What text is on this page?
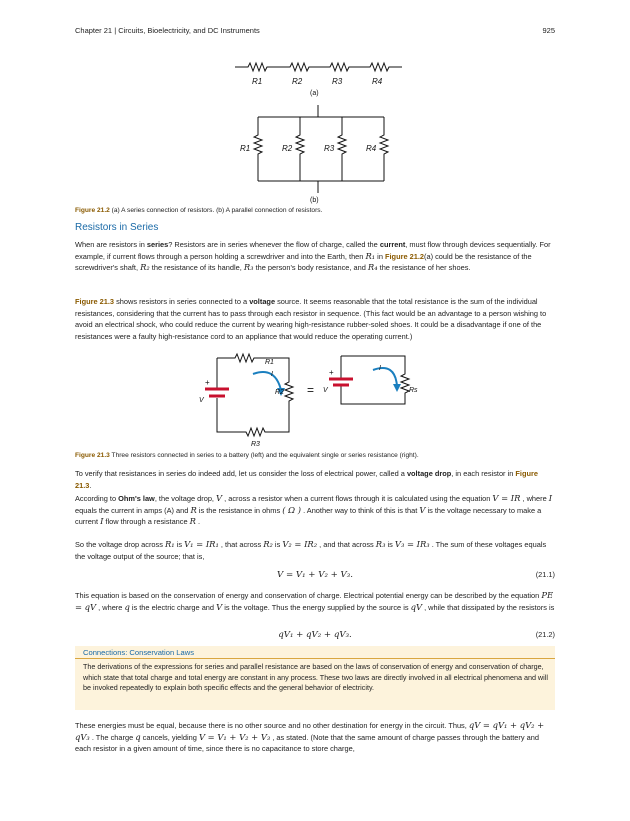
Chapter 21 | Circuits, Bioelectricity, and DC Instruments	925
R1	R2	R3	R4
R1	R2	R3	R4
(a)
(b)
Figure 21.2 (a) A series connection of resistors. (b) A parallel connection of resistors.
Resistors in Series
When are resistors in series? Resistors are in series whenever the flow of charge, called the current, must flow through devices sequentially. For example, if current flows through a person holding a screwdriver and into the Earth, then R₁ in Figure 21.2(a) could be the resistance of the screwdriver's shaft, R₂ the resistance of its handle, R₃ the person's body resistance, and R₄ the resistance of her shoes.
Figure 21.3 shows resistors in series connected to a voltage source. It seems reasonable that the total resistance is the sum of the individual resistances, considering that the current has to pass through each resistor in sequence. (This fact would be an advantage to a person wishing to avoid an electrical shock, who could reduce the current by wearing high-resistance rubber-soled shoes. It could be a disadvantage if one of the resistances were a faulty high-resistance cord to an appliance that would reduce the operating current.)
R1
R2
R3
Rs
I
I
V
V
+
+
=
Figure 21.3 Three resistors connected in series to a battery (left) and the equivalent single or series resistance (right).
To verify that resistances in series do indeed add, let us consider the loss of electrical power, called a voltage drop, in each resistor in Figure 21.3.
According to Ohm's law, the voltage drop, V , across a resistor when a current flows through it is calculated using the equation V = IR , where I equals the current in amps (A) and R is the resistance in ohms ( Ω ) . Another way to think of this is that V is the voltage necessary to make a current I flow through a resistance R .
So the voltage drop across R₁ is V₁ = IR₁ , that across R₂ is V₂ = IR₂ , and that across R₃ is V₃ = IR₃ . The sum of these voltages equals the voltage output of the source; that is,
V = V₁ + V₂ + V₃.	(21.1)
This equation is based on the conservation of energy and conservation of charge. Electrical potential energy can be described by the equation PE = qV , where q is the electric charge and V is the voltage. Thus the energy supplied by the source is qV , while that dissipated by the resistors is
qV₁ + qV₂ + qV₃.	(21.2)
Connections: Conservation Laws
The derivations of the expressions for series and parallel resistance are based on the laws of conservation of energy and conservation of charge, which state that total charge and total energy are constant in any process. These two laws are directly involved in all electrical phenomena and will be invoked repeatedly to explain both specific effects and the general behavior of electricity.
These energies must be equal, because there is no other source and no other destination for energy in the circuit. Thus, qV = qV₁ + qV₂ + qV₃ . The charge q cancels, yielding V = V₁ + V₂ + V₃ , as stated. (Note that the same amount of charge passes through the battery and each resistor in a given amount of time, since there is no capacitance to store charge,
